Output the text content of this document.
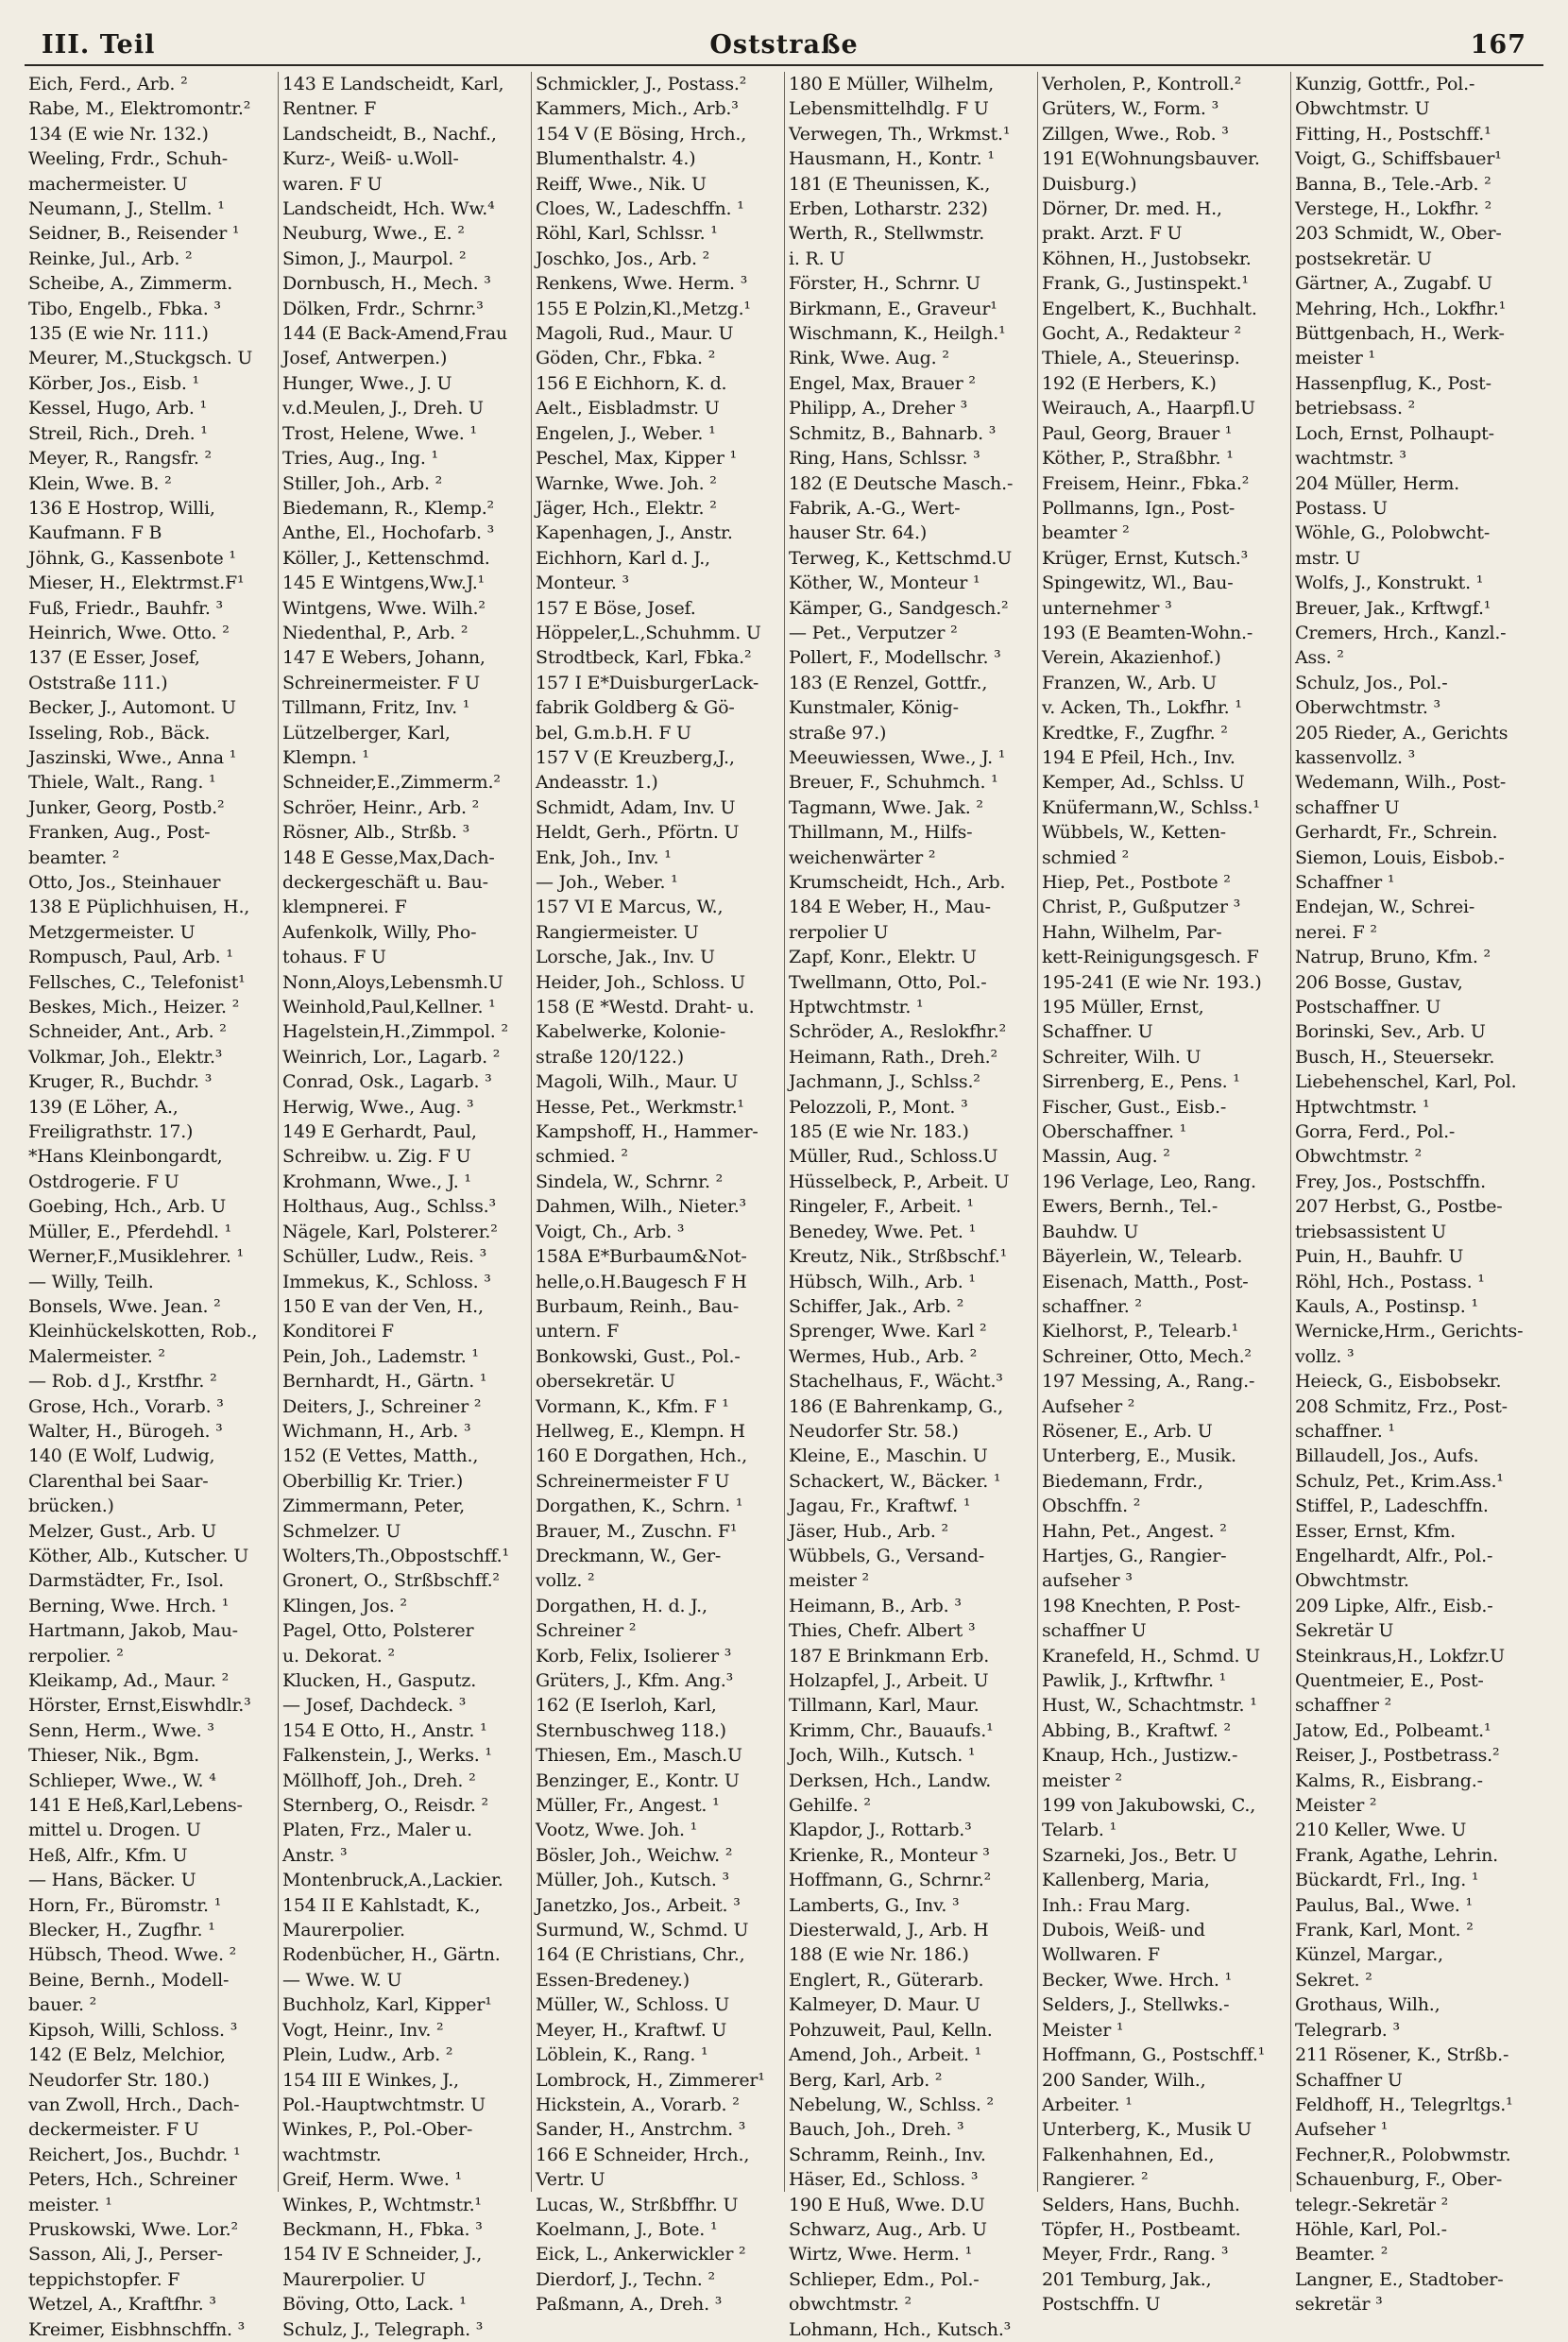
III. Teil	Oststraße	167
Eich, Ferd., Arb. ²
Rabe, M., Elektromontr.²
134 (E wie Nr. 132.)
Weeling, Frdr., Schuh-
machermeister. U
Neumann, J., Stellm. ¹
Seidner, B., Reisender ¹
Reinke, Jul., Arb. ²
Scheibe, A., Zimmerm.
Tibo, Engelb., Fbka. ³
135 (E wie Nr. 111.)
Meurer, M.,Stuckgsch. U
Körber, Jos., Eisb. ¹
Kessel, Hugo, Arb. ¹
Streil, Rich., Dreh. ¹
Meyer, R., Rangsfr. ²
Klein, Wwe. B. ²
136 E Hostrop, Willi,
Kaufmann. F B
Jöhnk, G., Kassenbote ¹
Mieser, H., Elektrmst.F¹
Fuß, Friedr., Bauhfr. ³
Heinrich, Wwe. Otto. ²
137 (E Esser, Josef,
Oststraße 111.)
Becker, J., Automont. U
Isseling, Rob., Bäck.
Jaszinski, Wwe., Anna ¹
Thiele, Walt., Rang. ¹
Junker, Georg, Postb.²
Franken, Aug., Post-
beamter. ²
Otto, Jos., Steinhauer
138 E Püplichhuisen, H.,
Metzgermeister. U
Rompusch, Paul, Arb. ¹
Fellsches, C., Telefonist¹
Beskes, Mich., Heizer. ²
Schneider, Ant., Arb. ²
Volkmar, Joh., Elektr.³
Kruger, R., Buchdr. ³
139 (E Löher, A.,
Freiligrathstr. 17.)
*Hans Kleinbongardt,
Ostdrogerie. F U
Goebing, Hch., Arb. U
Müller, E., Pferdehdl. ¹
Werner,F.,Musiklehrer. ¹
— Willy, Teilh.
Bonsels, Wwe. Jean. ²
Kleinhückelskotten, Rob.,
Malermeister. ²
— Rob. d J., Krstfhr. ²
Grose, Hch., Vorarb. ³
Walter, H., Bürogeh. ³
140 (E Wolf, Ludwig,
Clarenthal bei Saar-
brücken.)
Melzer, Gust., Arb. U
Köther, Alb., Kutscher. U
Darmstädter, Fr., Isol.
Berning, Wwe. Hrch. ¹
Hartmann, Jakob, Mau-
rerpolier. ²
Kleikamp, Ad., Maur. ²
Hörster, Ernst,Eiswhdlr.³
Senn, Herm., Wwe. ³
Thieser, Nik., Bgm.
Schlieper, Wwe., W. ⁴
141 E Heß,Karl,Lebens-
mittel u. Drogen. U
Heß, Alfr., Kfm. U
— Hans, Bäcker. U
Horn, Fr., Büromstr. ¹
Blecker, H., Zugfhr. ¹
Hübsch, Theod. Wwe. ²
Beine, Bernh., Modell-
bauer. ²
Kipsoh, Willi, Schloss. ³
142 (E Belz, Melchior,
Neudorfer Str. 180.)
van Zwoll, Hrch., Dach-
deckermeister. F U
Reichert, Jos., Buchdr. ¹
Peters, Hch., Schreiner
meister. ¹
Pruskowski, Wwe. Lor.²
Sasson, Ali, J., Perser-
teppichstopfer. F
Wetzel, A., Kraftfhr. ³
Kreimer, Eisbhnschffn. ³
143 E Landscheidt, Karl,
Rentner. F
Landscheidt, B., Nachf.,
Kurz-, Weiß- u.Woll-
waren. F U
Landscheidt, Hch. Ww.⁴
Neuburg, Wwe., E. ²
Simon, J., Maurpol. ²
Dornbusch, H., Mech. ³
Dölken, Frdr., Schrnr.³
144 (E Back-Amend,Frau
Josef, Antwerpen.)
Hunger, Wwe., J. U
v.d.Meulen, J., Dreh. U
Trost, Helene, Wwe. ¹
Tries, Aug., Ing. ¹
Stiller, Joh., Arb. ²
Biedemann, R., Klemp.²
Anthe, El., Hochofarb. ³
Köller, J., Kettenschmd.
145 E Wintgens,Ww.J.¹
Wintgens, Wwe. Wilh.²
Niedenthal, P., Arb. ²
147 E Webers, Johann,
Schreinermeister. F U
Tillmann, Fritz, Inv. ¹
Lützelberger, Karl,
Klempn. ¹
Schneider,E.,Zimmerm.²
Schröer, Heinr., Arb. ²
Rösner, Alb., Strßb. ³
148 E Gesse,Max,Dach-
deckergeschäft u. Bau-
klempnerei. F
Aufenkolk, Willy, Pho-
tohaus. F U
Nonn,Aloys,Lebensmh.U
Weinhold,Paul,Kellner. ¹
Hagelstein,H.,Zimmpol. ²
Weinrich, Lor., Lagarb. ²
Conrad, Osk., Lagarb. ³
Herwig, Wwe., Aug. ³
149 E Gerhardt, Paul,
Schreibw. u. Zig. F U
Krohmann, Wwe., J. ¹
Holthaus, Aug., Schlss.³
Nägele, Karl, Polsterer.²
Schüller, Ludw., Reis. ³
Immekus, K., Schloss. ³
150 E van der Ven, H.,
Konditorei F
Pein, Joh., Lademstr. ¹
Bernhardt, H., Gärtn. ¹
Deiters, J., Schreiner ²
Wichmann, H., Arb. ³
152 (E Vettes, Matth.,
Oberbillig Kr. Trier.)
Zimmermann, Peter,
Schmelzer. U
Wolters,Th.,Obpostschff.¹
Gronert, O., Strßbschff.²
Klingen, Jos. ²
Pagel, Otto, Polsterer
u. Dekorat. ²
Klucken, H., Gasputz.
— Josef, Dachdeck. ³
154 E Otto, H., Anstr. ¹
Falkenstein, J., Werks. ¹
Möllhoff, Joh., Dreh. ²
Sternberg, O., Reisdr. ²
Platen, Frz., Maler u.
Anstr. ³
Montenbruck,A.,Lackier.
154 II E Kahlstadt, K.,
Maurerpolier.
Rodenbücher, H., Gärtn.
— Wwe. W. U
Buchholz, Karl, Kipper¹
Vogt, Heinr., Inv. ²
Plein, Ludw., Arb. ²
154 III E Winkes, J.,
Pol.-Hauptwchtmstr. U
Winkes, P., Pol.-Ober-
wachtmstr.
Greif, Herm. Wwe. ¹
Winkes, P., Wchtmstr.¹
Beckmann, H., Fbka. ³
154 IV E Schneider, J.,
Maurerpolier. U
Böving, Otto, Lack. ¹
Schulz, J., Telegraph. ³
Schmickler, J., Postass.²
Kammers, Mich., Arb.³
154 V (E Bösing, Hrch.,
Blumenthalstr. 4.)
Reiff, Wwe., Nik. U
Cloes, W., Ladeschffn. ¹
Röhl, Karl, Schlssr. ¹
Joschko, Jos., Arb. ²
Renkens, Wwe. Herm. ³
155 E Polzin,Kl.,Metzg.¹
Magoli, Rud., Maur. U
Göden, Chr., Fbka. ²
156 E Eichhorn, K. d.
Aelt., Eisbladmstr. U
Engelen, J., Weber. ¹
Peschel, Max, Kipper ¹
Warnke, Wwe. Joh. ²
Jäger, Hch., Elektr. ²
Kapenhagen, J., Anstr.
Eichhorn, Karl d. J.,
Monteur. ³
157 E Böse, Josef.
Höppeler,L.,Schuhmm. U
Strodtbeck, Karl, Fbka.²
157 I E*DuisburgerLack-
fabrik Goldberg & Gö-
bel, G.m.b.H. F U
157 V (E Kreuzberg,J.,
Andeasstr. 1.)
Schmidt, Adam, Inv. U
Heldt, Gerh., Pförtn. U
Enk, Joh., Inv. ¹
— Joh., Weber. ¹
157 VI E Marcus, W.,
Rangiermeister. U
Lorsche, Jak., Inv. U
Heider, Joh., Schloss. U
158 (E *Westd. Draht- u.
Kabelwerke, Kolonie-
straße 120/122.)
Magoli, Wilh., Maur. U
Hesse, Pet., Werkmstr.¹
Kampshoff, H., Hammer-
schmied. ²
Sindela, W., Schrnr. ²
Dahmen, Wilh., Nieter.³
Voigt, Ch., Arb. ³
158A E*Burbaum&Not-
helle,o.H.Baugesch F H
Burbaum, Reinh., Bau-
untern. F
Bonkowski, Gust., Pol.-
obersekretär. U
Vormann, K., Kfm. F ¹
Hellweg, E., Klempn. H
160 E Dorgathen, Hch.,
Schreinermeister F U
Dorgathen, K., Schrn. ¹
Brauer, M., Zuschn. F¹
Dreckmann, W., Ger-
vollz. ²
Dorgathen, H. d. J.,
Schreiner ²
Korb, Felix, Isolierer ³
Grüters, J., Kfm. Ang.³
162 (E Iserloh, Karl,
Sternbuschweg 118.)
Thiesen, Em., Masch.U
Benzinger, E., Kontr. U
Müller, Fr., Angest. ¹
Vootz, Wwe. Joh. ¹
Bösler, Joh., Weichw. ²
Müller, Joh., Kutsch. ³
Janetzko, Jos., Arbeit. ³
Surmund, W., Schmd. U
164 (E Christians, Chr.,
Essen-Bredeney.)
Müller, W., Schloss. U
Meyer, H., Kraftwf. U
Löblein, K., Rang. ¹
Lombrock, H., Zimmerer¹
Hickstein, A., Vorarb. ²
Sander, H., Anstrchm. ³
166 E Schneider, Hrch.,
Vertr. U
Lucas, W., Strßbffhr. U
Koelmann, J., Bote. ¹
Eick, L., Ankerwickler ²
Dierdorf, J., Techn. ²
Paßmann, A., Dreh. ³
180 E Müller, Wilhelm,
Lebensmittelhdlg. F U
Verwegen, Th., Wrkmst.¹
Hausmann, H., Kontr. ¹
181 (E Theunissen, K.,
Erben, Lotharstr. 232)
Werth, R., Stellwmstr.
i. R. U
Förster, H., Schrnr. U
Birkmann, E., Graveur¹
Wischmann, K., Heilgh.¹
Rink, Wwe. Aug. ²
Engel, Max, Brauer ²
Philipp, A., Dreher ³
Schmitz, B., Bahnarb. ³
Ring, Hans, Schlssr. ³
182 (E Deutsche Masch.-
Fabrik, A.-G., Wert-
hauser Str. 64.)
Terweg, K., Kettschmd.U
Köther, W., Monteur ¹
Kämper, G., Sandgesch.²
— Pet., Verputzer ²
Pollert, F., Modellschr. ³
183 (E Renzel, Gottfr.,
Kunstmaler, König-
straße 97.)
Meeuwiessen, Wwe., J. ¹
Breuer, F., Schuhmch. ¹
Tagmann, Wwe. Jak. ²
Thillmann, M., Hilfs-
weichenwärter ²
Krumscheidt, Hch., Arb.
184 E Weber, H., Mau-
rerpolier U
Zapf, Konr., Elektr. U
Twellmann, Otto, Pol.-
Hptwchtmstr. ¹
Schröder, A., Reslokfhr.²
Heimann, Rath., Dreh.²
Jachmann, J., Schlss.²
Pelozzoli, P., Mont. ³
185 (E wie Nr. 183.)
Müller, Rud., Schloss.U
Hüsselbeck, P., Arbeit. U
Ringeler, F., Arbeit. ¹
Benedey, Wwe. Pet. ¹
Kreutz, Nik., Strßbschf.¹
Hübsch, Wilh., Arb. ¹
Schiffer, Jak., Arb. ²
Sprenger, Wwe. Karl ²
Wermes, Hub., Arb. ²
Stachelhaus, F., Wächt.³
186 (E Bahrenkamp, G.,
Neudorfer Str. 58.)
Kleine, E., Maschin. U
Schackert, W., Bäcker. ¹
Jagau, Fr., Kraftwf. ¹
Jäser, Hub., Arb. ²
Wübbels, G., Versand-
meister ²
Heimann, B., Arb. ³
Thies, Chefr. Albert ³
187 E Brinkmann Erb.
Holzapfel, J., Arbeit. U
Tillmann, Karl, Maur.
Krimm, Chr., Bauaufs.¹
Joch, Wilh., Kutsch. ¹
Derksen, Hch., Landw.
Gehilfe. ²
Klapdor, J., Rottarb.³
Krienke, R., Monteur ³
Hoffmann, G., Schrnr.²
Lamberts, G., Inv. ³
Diesterwald, J., Arb. H
188 (E wie Nr. 186.)
Englert, R., Güterarb.
Kalmeyer, D. Maur. U
Pohzuweit, Paul, Kelln.
Amend, Joh., Arbeit. ¹
Berg, Karl, Arb. ²
Nebelung, W., Schlss. ²
Bauch, Joh., Dreh. ³
Schramm, Reinh., Inv.
Häser, Ed., Schloss. ³
190 E Huß, Wwe. D.U
Schwarz, Aug., Arb. U
Wirtz, Wwe. Herm. ¹
Schlieper, Edm., Pol.-
obwchtmstr. ²
Lohmann, Hch., Kutsch.³
Verholen, P., Kontroll.²
Grüters, W., Form. ³
Zillgen, Wwe., Rob. ³
191 E(Wohnungsbauver.
Duisburg.)
Dörner, Dr. med. H.,
prakt. Arzt. F U
Köhnen, H., Justobsekr.
Frank, G., Justinspekt.¹
Engelbert, K., Buchhalt.
Gocht, A., Redakteur ²
Thiele, A., Steuerinsp.
192 (E Herbers, K.)
Weirauch, A., Haarpfl.U
Paul, Georg, Brauer ¹
Köther, P., Straßbhr. ¹
Freisem, Heinr., Fbka.²
Pollmanns, Ign., Post-
beamter ²
Krüger, Ernst, Kutsch.³
Spingewitz, Wl., Bau-
unternehmer ³
193 (E Beamten-Wohn.-
Verein, Akazienhof.)
Franzen, W., Arb. U
v. Acken, Th., Lokfhr. ¹
Kredtke, F., Zugfhr. ²
194 E Pfeil, Hch., Inv.
Kemper, Ad., Schlss. U
Knüfermann,W., Schlss.¹
Wübbels, W., Ketten-
schmied ²
Hiep, Pet., Postbote ²
Christ, P., Gußputzer ³
Hahn, Wilhelm, Par-
kett-Reinigungsgesch. F
195-241 (E wie Nr. 193.)
195 Müller, Ernst,
Schaffner. U
Schreiter, Wilh. U
Sirrenberg, E., Pens. ¹
Fischer, Gust., Eisb.-
Oberschaffner. ¹
Massin, Aug. ²
196 Verlage, Leo, Rang.
Ewers, Bernh., Tel.-
Bauhdw. U
Bäyerlein, W., Telearb.
Eisenach, Matth., Post-
schaffner. ²
Kielhorst, P., Telearb.¹
Schreiner, Otto, Mech.²
197 Messing, A., Rang.-
Aufseher ²
Rösener, E., Arb. U
Unterberg, E., Musik.
Biedemann, Frdr.,
Obschffn. ²
Hahn, Pet., Angest. ²
Hartjes, G., Rangier-
aufseher ³
198 Knechten, P. Post-
schaffner U
Kranefeld, H., Schmd. U
Pawlik, J., Krftwfhr. ¹
Hust, W., Schachtmstr. ¹
Abbing, B., Kraftwf. ²
Knaup, Hch., Justizw.-
meister ²
199 von Jakubowski, C.,
Telarb. ¹
Szarneki, Jos., Betr. U
Kallenberg, Maria,
Inh.: Frau Marg.
Dubois, Weiß- und
Wollwaren. F
Becker, Wwe. Hrch. ¹
Selders, J., Stellwks.-
Meister ¹
Hoffmann, G., Postschff.¹
200 Sander, Wilh.,
Arbeiter. ¹
Unterberg, K., Musik U
Falkenhahnen, Ed.,
Rangierer. ²
Selders, Hans, Buchh.
Töpfer, H., Postbeamt.
Meyer, Frdr., Rang. ³
201 Temburg, Jak.,
Postschffn. U
Kunzig, Gottfr., Pol.-
Obwchtmstr. U
Fitting, H., Postschff.¹
Voigt, G., Schiffsbauer¹
Banna, B., Tele.-Arb. ²
Verstege, H., Lokfhr. ²
203 Schmidt, W., Ober-
postsekretär. U
Gärtner, A., Zugabf. U
Mehring, Hch., Lokfhr.¹
Büttgenbach, H., Werk-
meister ¹
Hassenpflug, K., Post-
betriebsass. ²
Loch, Ernst, Polhaupt-
wachtmstr. ³
204 Müller, Herm.
Postass. U
Wöhle, G., Polobwcht-
mstr. U
Wolfs, J., Konstrukt. ¹
Breuer, Jak., Krftwgf.¹
Cremers, Hrch., Kanzl.-
Ass. ²
Schulz, Jos., Pol.-
Oberwchtmstr. ³
205 Rieder, A., Gerichts
kassenvollz. ³
Wedemann, Wilh., Post-
schaffner U
Gerhardt, Fr., Schrein.
Siemon, Louis, Eisbob.-
Schaffner ¹
Endejan, W., Schrei-
nerei. F ²
Natrup, Bruno, Kfm. ²
206 Bosse, Gustav,
Postschaffner. U
Borinski, Sev., Arb. U
Busch, H., Steuersekr.
Liebehenschel, Karl, Pol.
Hptwchtmstr. ¹
Gorra, Ferd., Pol.-
Obwchtmstr. ²
Frey, Jos., Postschffn.
207 Herbst, G., Postbe-
triebsassistent U
Puin, H., Bauhfr. U
Röhl, Hch., Postass. ¹
Kauls, A., Postinsp. ¹
Wernicke,Hrm., Gerichts-
vollz. ³
Heieck, G., Eisbobsekr.
208 Schmitz, Frz., Post-
schaffner. ¹
Billaudell, Jos., Aufs.
Schulz, Pet., Krim.Ass.¹
Stiffel, P., Ladeschffn.
Esser, Ernst, Kfm.
Engelhardt, Alfr., Pol.-
Obwchtmstr.
209 Lipke, Alfr., Eisb.-
Sekretär U
Steinkraus,H., Lokfzr.U
Quentmeier, E., Post-
schaffner ²
Jatow, Ed., Polbeamt.¹
Reiser, J., Postbetrass.²
Kalms, R., Eisbrang.-
Meister ²
210 Keller, Wwe. U
Frank, Agathe, Lehrin.
Bückardt, Frl., Ing. ¹
Paulus, Bal., Wwe. ¹
Frank, Karl, Mont. ²
Künzel, Margar.,
Sekret. ²
Grothaus, Wilh.,
Telegrarb. ³
211 Rösener, K., Strßb.-
Schaffner U
Feldhoff, H., Telegrltgs.¹
Aufseher ¹
Fechner,R., Polobwmstr.
Schauenburg, F., Ober-
telegr.-Sekretär ²
Höhle, Karl, Pol.-
Beamter. ²
Langner, E., Stadtober-
sekretär ³
